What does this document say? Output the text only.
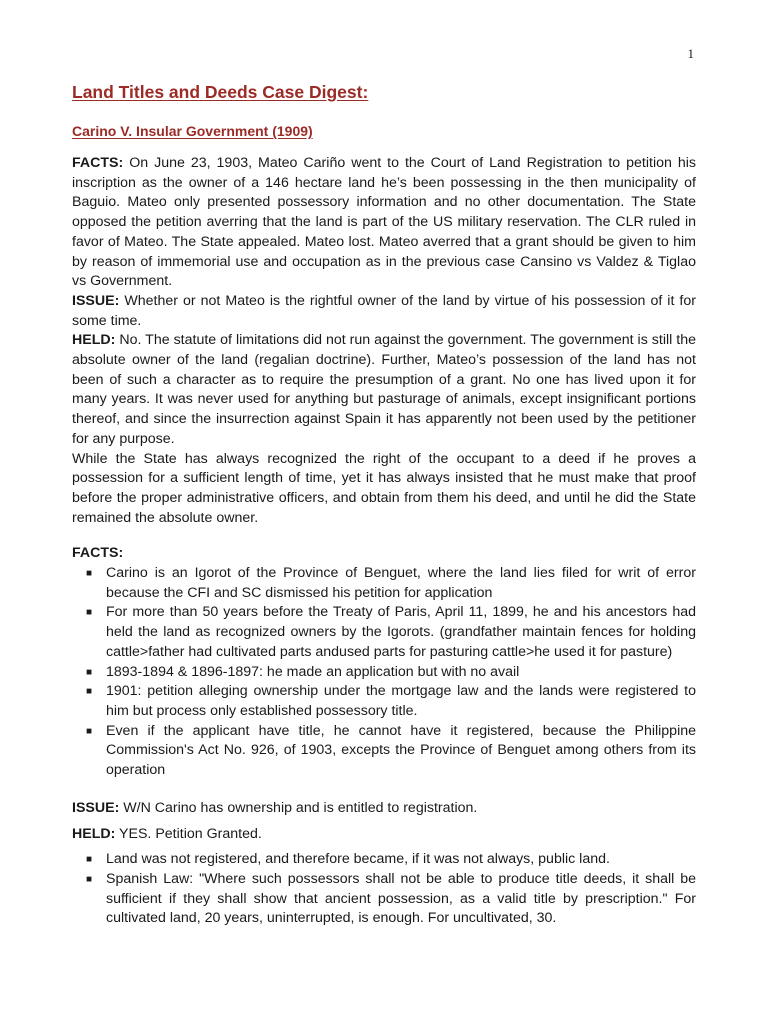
1
Land Titles and Deeds Case Digest:
Carino V. Insular Government (1909)

FACTS: On June 23, 1903, Mateo Cariño went to the Court of Land Registration to petition his inscription as the owner of a 146 hectare land he’s been possessing in the then municipality of Baguio. Mateo only presented possessory information and no other documentation. The State opposed the petition averring that the land is part of the US military reservation. The CLR ruled in favor of Mateo. The State appealed. Mateo lost. Mateo averred that a grant should be given to him by reason of immemorial use and occupation as in the previous case Cansino vs Valdez & Tiglao vs Government.

ISSUE: Whether or not Mateo is the rightful owner of the land by virtue of his possession of it for some time.

HELD: No. The statute of limitations did not run against the government. The government is still the absolute owner of the land (regalian doctrine). Further, Mateo’s possession of the land has not been of such a character as to require the presumption of a grant. No one has lived upon it for many years. It was never used for anything but pasturage of animals, except insignificant portions thereof, and since the insurrection against Spain it has apparently not been used by the petitioner for any purpose.

While the State has always recognized the right of the occupant to a deed if he proves a possession for a sufficient length of time, yet it has always insisted that he must make that proof before the proper administrative officers, and obtain from them his deed, and until he did the State remained the absolute owner.

FACTS:

■ Carino is an Igorot of the Province of Benguet, where the land lies filed for writ of error because the CFI and SC dismissed his petition for application
■ For more than 50 years before the Treaty of Paris, April 11, 1899, he and his ancestors had held the land as recognized owners by the Igorots. (grandfather maintain fences for holding cattle>father had cultivated parts andused parts for pasturing cattle>he used it for pasture)
■ 1893-1894 & 1896-1897: he made an application but with no avail
■ 1901: petition alleging ownership under the mortgage law and the lands were registered to him but process only established possessory title.
■ Even if the applicant have title, he cannot have it registered, because the Philippine Commission's Act No. 926, of 1903, excepts the Province of Benguet among others from its operation

ISSUE: W/N Carino has ownership and is entitled to registration.

HELD: YES. Petition Granted.

■ Land was not registered, and therefore became, if it was not always, public land.
■ Spanish Law: "Where such possessors shall not be able to produce title deeds, it shall be sufficient if they shall show that ancient possession, as a valid title by prescription." For cultivated land, 20 years, uninterrupted, is enough. For uncultivated, 30.
